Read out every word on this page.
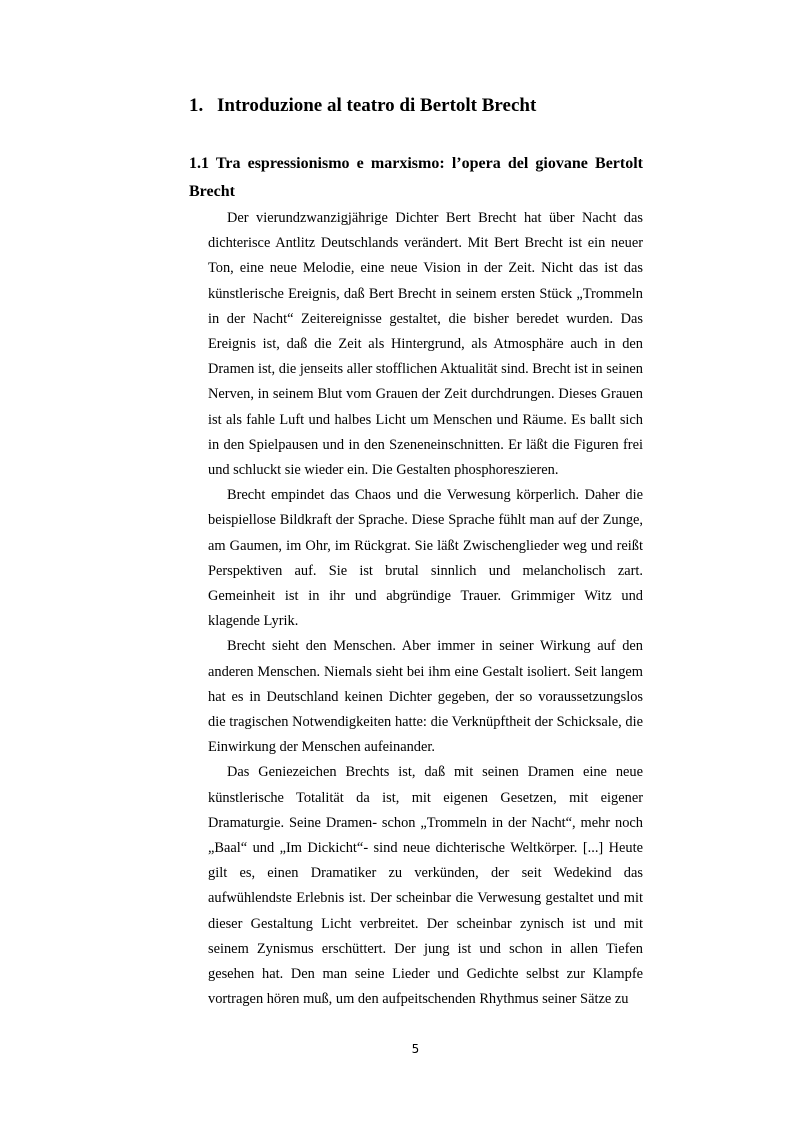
1. Introduzione al teatro di Bertolt Brecht
1.1 Tra espressionismo e marxismo: l’opera del giovane Bertolt Brecht

Der vierundzwanzigjährige Dichter Bert Brecht hat über Nacht das dichterisce Antlitz Deutschlands verändert. Mit Bert Brecht ist ein neuer Ton, eine neue Melodie, eine neue Vision in der Zeit. Nicht das ist das künstlerische Ereignis, daß Bert Brecht in seinem ersten Stück „Trommeln in der Nacht“ Zeitereignisse gestaltet, die bisher beredet wurden. Das Ereignis ist, daß die Zeit als Hintergrund, als Atmosphäre auch in den Dramen ist, die jenseits aller stofflichen Aktualität sind. Brecht ist in seinen Nerven, in seinem Blut vom Grauen der Zeit durchdrungen. Dieses Grauen ist als fahle Luft und halbes Licht um Menschen und Räume. Es ballt sich in den Spielpausen und in den Szeneneinschnitten. Er läßt die Figuren frei und schluckt sie wieder ein. Die Gestalten phosphoreszieren.

Brecht empindet das Chaos und die Verwesung körperlich. Daher die beispiellose Bildkraft der Sprache. Diese Sprache fühlt man auf der Zunge, am Gaumen, im Ohr, im Rückgrat. Sie läßt Zwischenglieder weg und reißt Perspektiven auf. Sie ist brutal sinnlich und melancholisch zart. Gemeinheit ist in ihr und abgründige Trauer. Grimmiger Witz und klagende Lyrik.

Brecht sieht den Menschen. Aber immer in seiner Wirkung auf den anderen Menschen. Niemals sieht bei ihm eine Gestalt isoliert. Seit langem hat es in Deutschland keinen Dichter gegeben, der so voraussetzungslos die tragischen Notwendigkeiten hatte: die Verknüpftheit der Schicksale, die Einwirkung der Menschen aufeinander.

Das Geniezeichen Brechts ist, daß mit seinen Dramen eine neue künstlerische Totalität da ist, mit eigenen Gesetzen, mit eigener Dramaturgie. Seine Dramen- schon „Trommeln in der Nacht“, mehr noch „Baal“ und „Im Dickicht“- sind neue dichterische Weltkörper. [...] Heute gilt es, einen Dramatiker zu verkünden, der seit Wedekind das aufwühlendste Erlebnis ist. Der scheinbar die Verwesung gestaltet und mit dieser Gestaltung Licht verbreitet. Der scheinbar zynisch ist und mit seinem Zynismus erschüttert. Der jung ist und schon in allen Tiefen gesehen hat. Den man seine Lieder und Gedichte selbst zur Klampfe vortragen hören muß, um den aufpeitschenden Rhythmus seiner Sätze zu

5
